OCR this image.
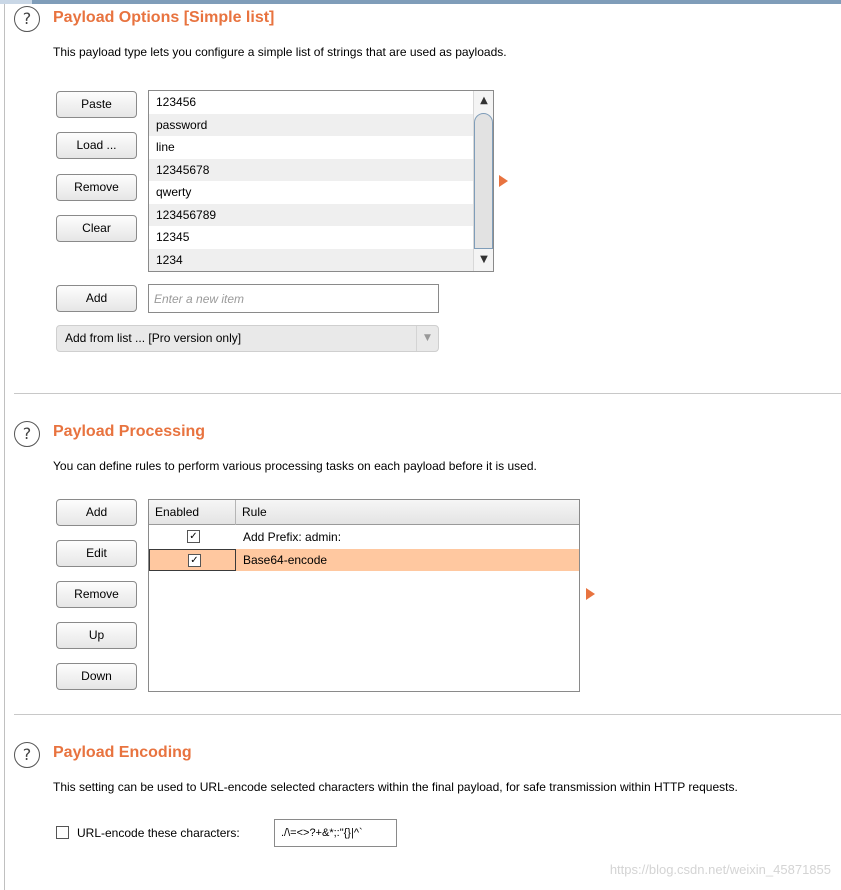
?	Payload Options [Simple list]
This payload type lets you configure a simple list of strings that are used as payloads.
Paste
Load ...
Remove
Clear
123456
password
line
12345678
qwerty
123456789
12345
1234
▲
▼
Add
Enter a new item
Add from list ... [Pro version only]	▼
?	Payload Processing
You can define rules to perform various processing tasks on each payload before it is used.
Add
Edit
Remove
Up
Down
Enabled	Rule
✓	Add Prefix: admin:
✓	Base64-encode
?	Payload Encoding
This setting can be used to URL-encode selected characters within the final payload, for safe transmission within HTTP requests.
URL-encode these characters:
./\=<>?+&*;:"{}|^`
https://blog.csdn.net/weixin_45871855
